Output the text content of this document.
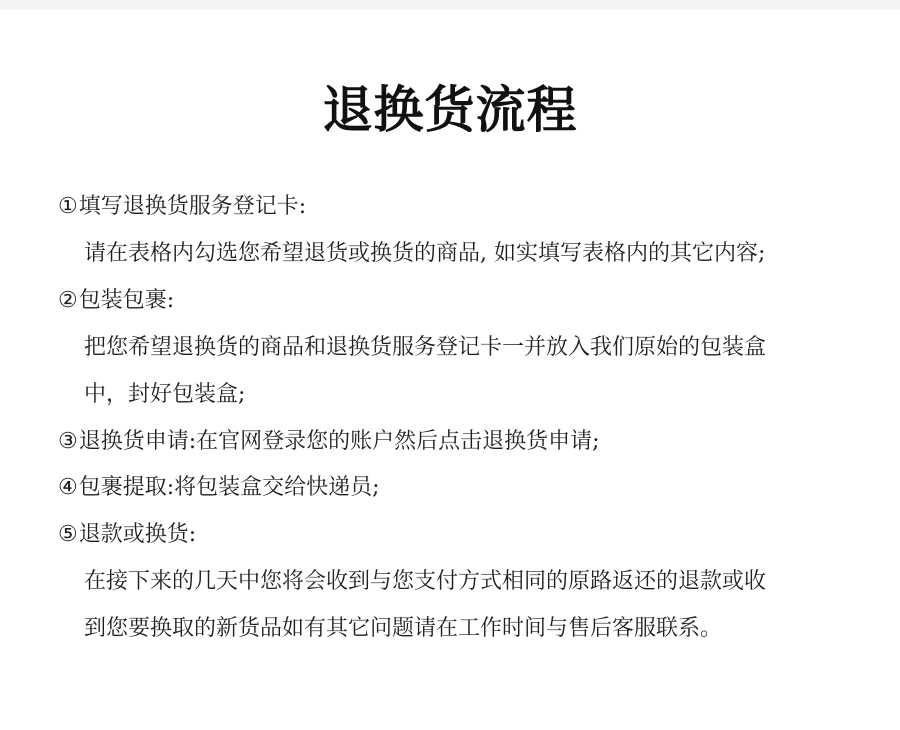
退换货流程
①填写退换货服务登记卡:
请在表格内勾选您希望退货或换货的商品, 如实填写表格内的其它内容;
②包装包裹:
把您希望退换货的商品和退换货服务登记卡一并放入我们原始的包装盒
中，封好包装盒;
③退换货申请:在官网登录您的账户然后点击退换货申请;
④包裹提取:将包装盒交给快递员;
⑤退款或换货:
在接下来的几天中您将会收到与您支付方式相同的原路返还的退款或收
到您要换取的新货品如有其它问题请在工作时间与售后客服联系。
